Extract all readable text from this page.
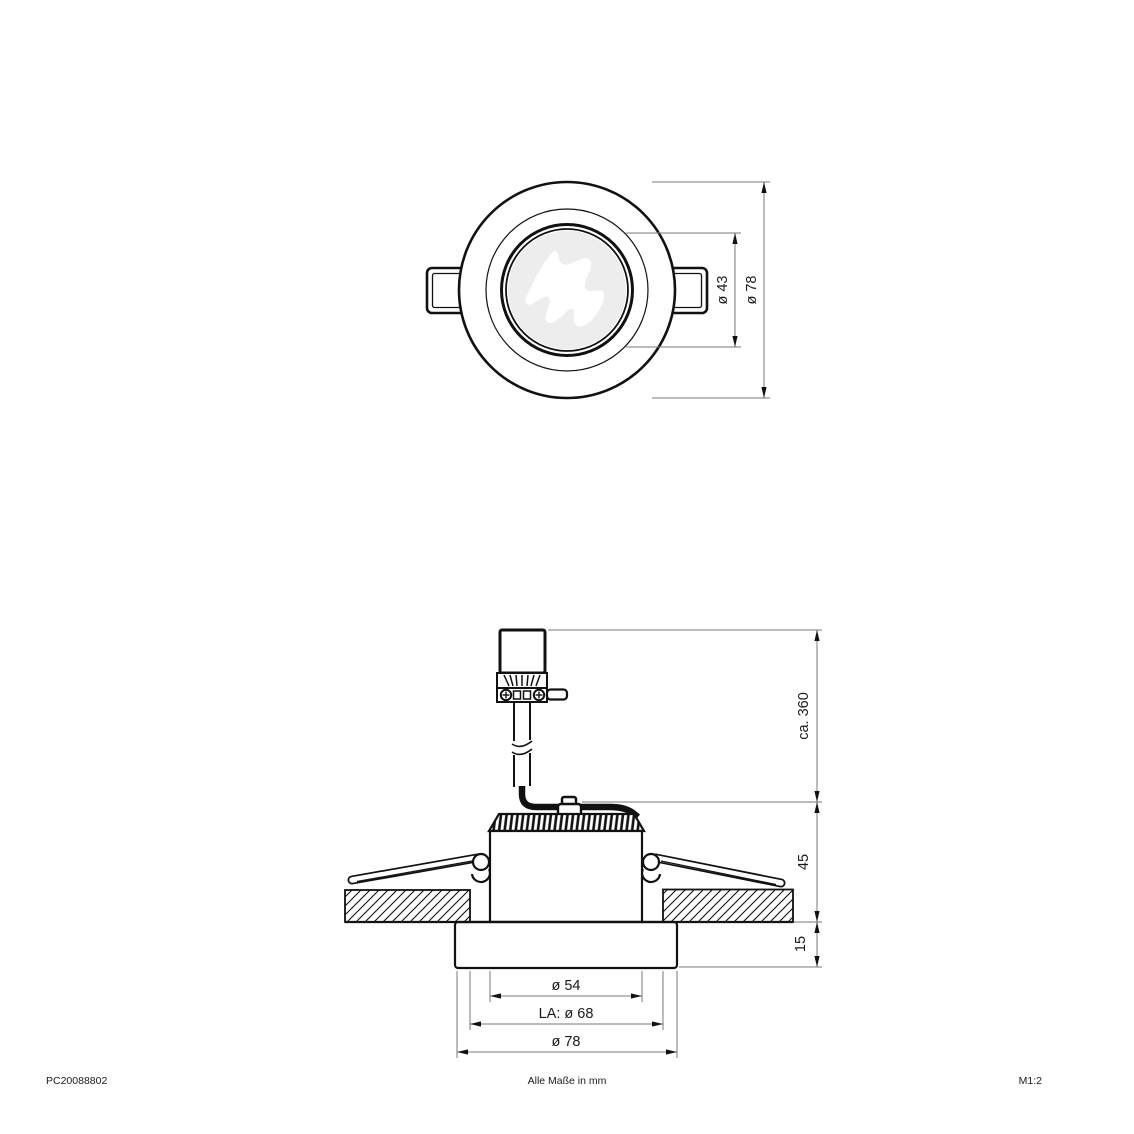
ø 43 ø 78
ca. 360
45
15
ø 54
LA: ø 68
ø 78
PC20088802	Alle Maße in mm	M1:2
